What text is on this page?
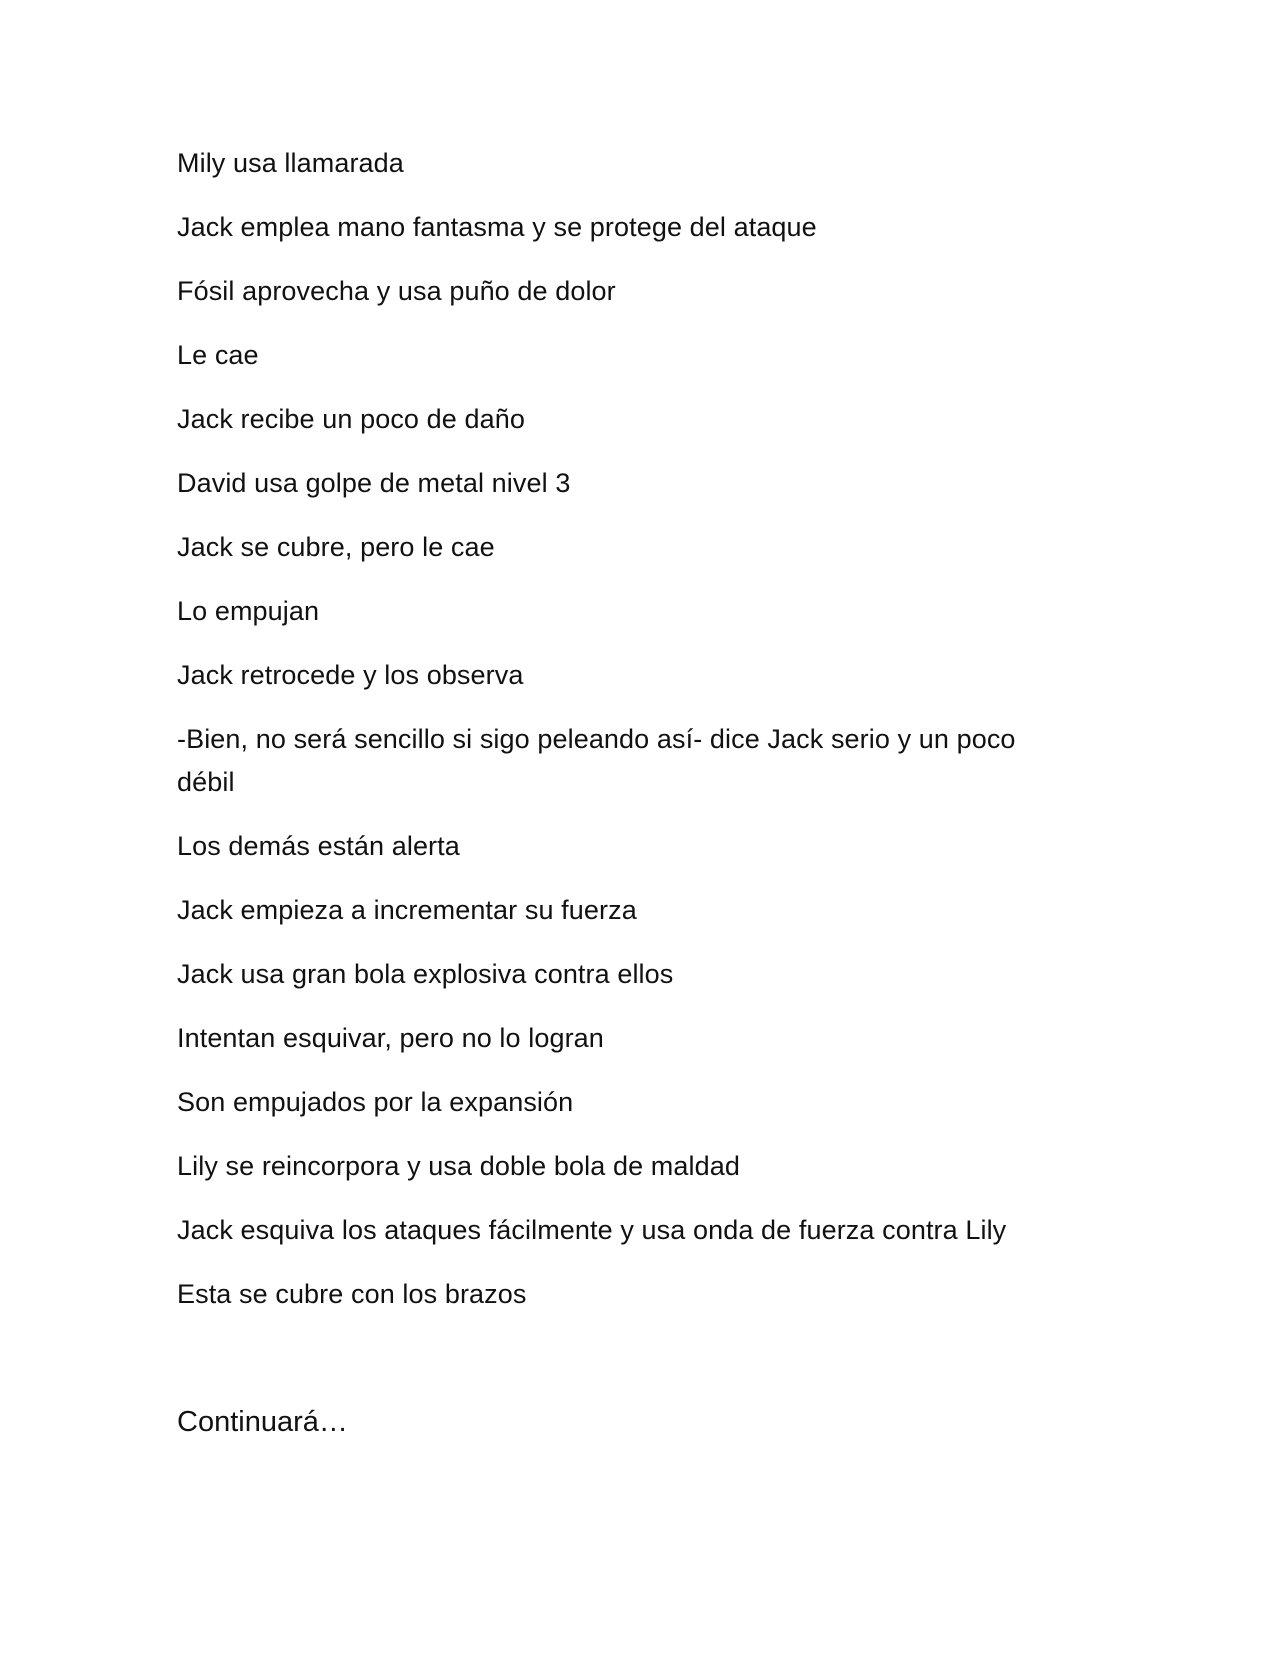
Mily usa llamarada

Jack emplea mano fantasma y se protege del ataque

Fósil aprovecha y usa puño de dolor

Le cae

Jack recibe un poco de daño

David usa golpe de metal nivel 3

Jack se cubre, pero le cae

Lo empujan

Jack retrocede y los observa

-Bien, no será sencillo si sigo peleando así- dice Jack serio y un poco débil

Los demás están alerta

Jack empieza a incrementar su fuerza

Jack usa gran bola explosiva contra ellos

Intentan esquivar, pero no lo logran

Son empujados por la expansión

Lily se reincorpora y usa doble bola de maldad

Jack esquiva los ataques fácilmente y usa onda de fuerza contra Lily

Esta se cubre con los brazos

Continuará…
